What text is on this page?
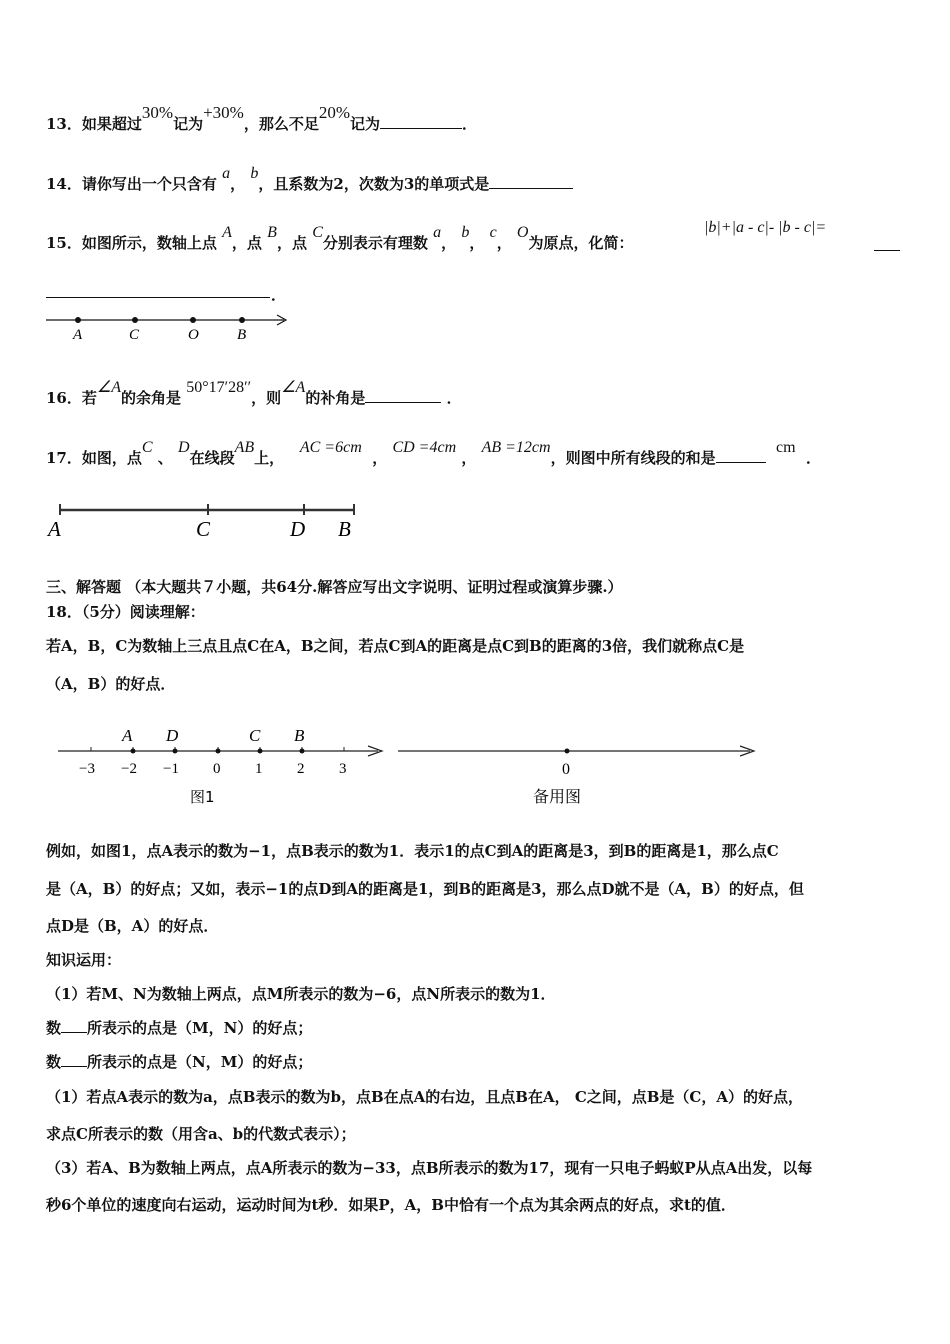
13．如果超过30%记为+30%，那么不足20%记为	．
14．请你写出一个只含有 a， b，且系数为2，次数为3的单项式是
15．如图所示，数轴上点 A，点 B，点 C分别表示有理数 a， b， c， O为原点，化简：
|b|+|a - c|- |b - c|=
．
A	C	O	B
16．若∠A的余角是 50°17′28′′，则∠A的补角是	．
17．如图，点C 、 D在线段AB上，   AC =6cm  ， CD =4cm ， AB =12cm，则图中所有线段的和是  cm  ．
A	C	D B
三、解答题 （本大题共７小题，共64分.解答应写出文字说明、证明过程或演算步骤.）
18．（5分）阅读理解：
若A，B，C为数轴上三点且点C在A，B之间，若点C到A的距离是点C到B的距离的3倍，我们就称点C是
（A，B）的好点．
A D	C B
−3 −2 −1 0 1 2 3
图1
0
备用图
例如，如图1，点A表示的数为−1，点B表示的数为1．表示1的点C到A的距离是3，到B的距离是1，那么点C
是（A，B）的好点；又如，表示−1的点D到A的距离是1，到B的距离是3，那么点D就不是（A，B）的好点，但
点D是（B，A）的好点．
知识运用：
（1）若M、N为数轴上两点，点M所表示的数为−6，点N所表示的数为1．
数 所表示的点是（M，N）的好点；
数 所表示的点是（N，M）的好点；
（1）若点A表示的数为a，点B表示的数为b，点B在点A的右边，且点B在A， C之间，点B是（C，A）的好点，
求点C所表示的数（用含a、b的代数式表示）；
（3）若A、B为数轴上两点，点A所表示的数为−33，点B所表示的数为17，现有一只电子蚂蚁P从点A出发，以每
秒6个单位的速度向右运动，运动时间为t秒．如果P，A，B中恰有一个点为其余两点的好点，求t的值．
